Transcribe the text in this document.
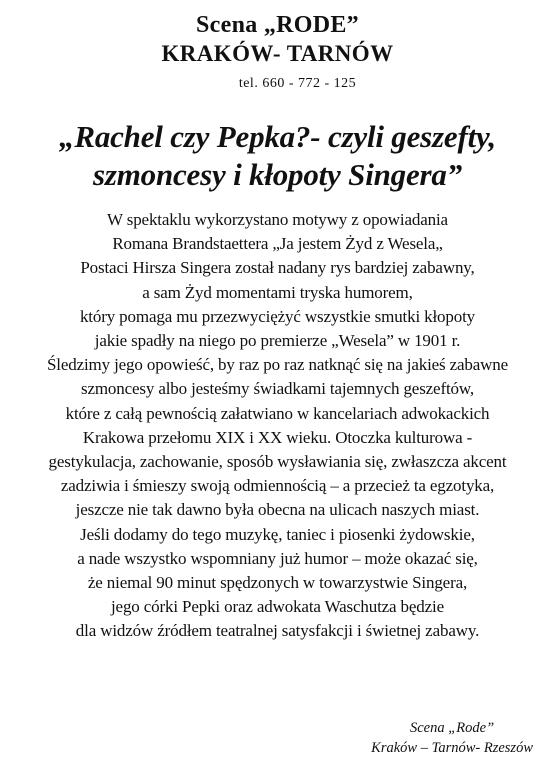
Scena „RODE”
KRAKÓW- TARNÓW
tel. 660 - 772 - 125
„Rachel czy Pepka?- czyli geszefty,
szmoncesy i kłopoty Singera”
W spektaklu wykorzystano motywy z opowiadania
Romana Brandstaettera „Ja jestem Żyd z Wesela„
Postaci Hirsza Singera został nadany rys bardziej zabawny,
a sam Żyd momentami tryska humorem,
który pomaga mu przezwyciężyć wszystkie smutki kłopoty
jakie spadły na niego po premierze „Wesela” w 1901 r.
Śledzimy jego opowieść, by raz po raz natknąć się na jakieś zabawne
szmoncesy albo jesteśmy świadkami tajemnych geszeftów,
które z całą pewnością załatwiano w kancelariach adwokackich
Krakowa przełomu XIX i XX wieku. Otoczka kulturowa -
gestykulacja, zachowanie, sposób wysławiania się, zwłaszcza akcent
zadziwia i śmieszy swoją odmiennością – a przecież ta egzotyka,
jeszcze nie tak dawno była obecna na ulicach naszych miast.
Jeśli dodamy do tego muzykę, taniec i piosenki żydowskie,
a nade wszystko wspomniany już humor – może okazać się,
że niemal 90 minut spędzonych w towarzystwie Singera,
jego córki Pepki oraz adwokata Waschutza będzie
dla widzów źródłem teatralnej satysfakcji i świetnej zabawy.
Scena „Rode”
Kraków – Tarnów- Rzeszów
